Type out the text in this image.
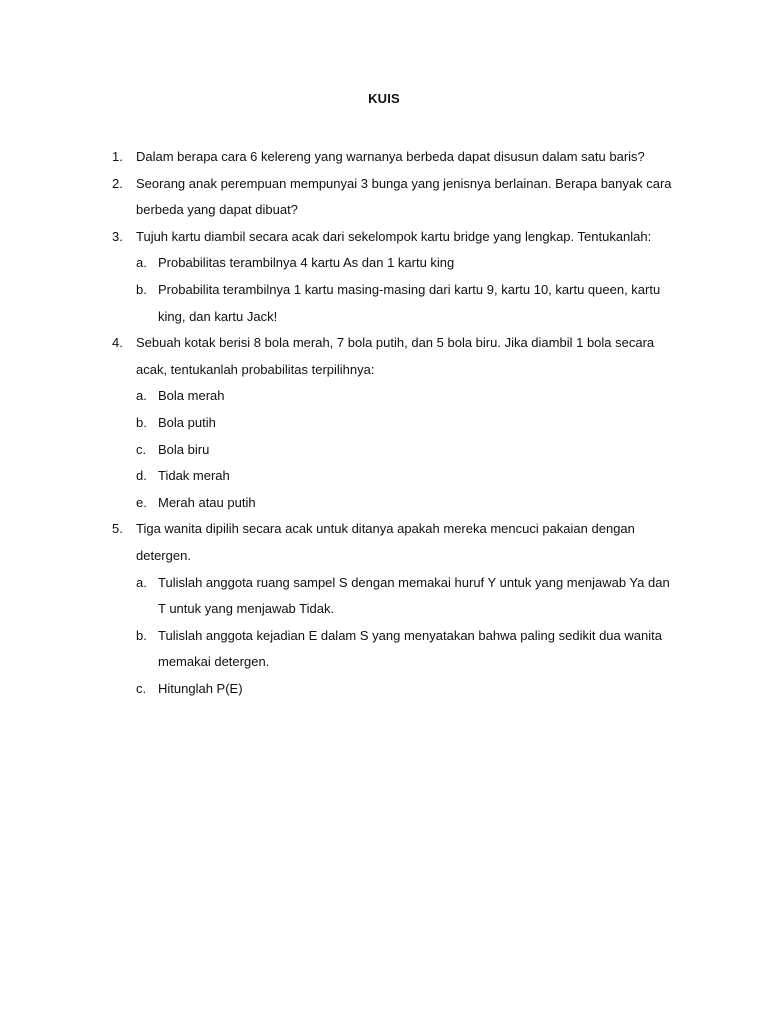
KUIS
1. Dalam berapa cara 6 kelereng yang warnanya berbeda dapat disusun dalam satu baris?
2. Seorang anak perempuan mempunyai 3 bunga yang jenisnya berlainan. Berapa banyak cara berbeda yang dapat dibuat?
3. Tujuh kartu diambil secara acak dari sekelompok kartu bridge yang lengkap. Tentukanlah:
a. Probabilitas terambilnya 4 kartu As dan 1 kartu king
b. Probabilita terambilnya 1 kartu masing-masing dari kartu 9, kartu 10, kartu queen, kartu king, dan kartu Jack!
4. Sebuah kotak berisi 8 bola merah, 7 bola putih, dan 5 bola biru. Jika diambil 1 bola secara acak, tentukanlah probabilitas terpilihnya:
a. Bola merah
b. Bola putih
c. Bola biru
d. Tidak merah
e. Merah atau putih
5. Tiga wanita dipilih secara acak untuk ditanya apakah mereka mencuci pakaian dengan detergen.
a. Tulislah anggota ruang sampel S dengan memakai huruf Y untuk yang menjawab Ya dan T untuk yang menjawab Tidak.
b. Tulislah anggota kejadian E dalam S yang menyatakan bahwa paling sedikit dua wanita memakai detergen.
c. Hitunglah P(E)
